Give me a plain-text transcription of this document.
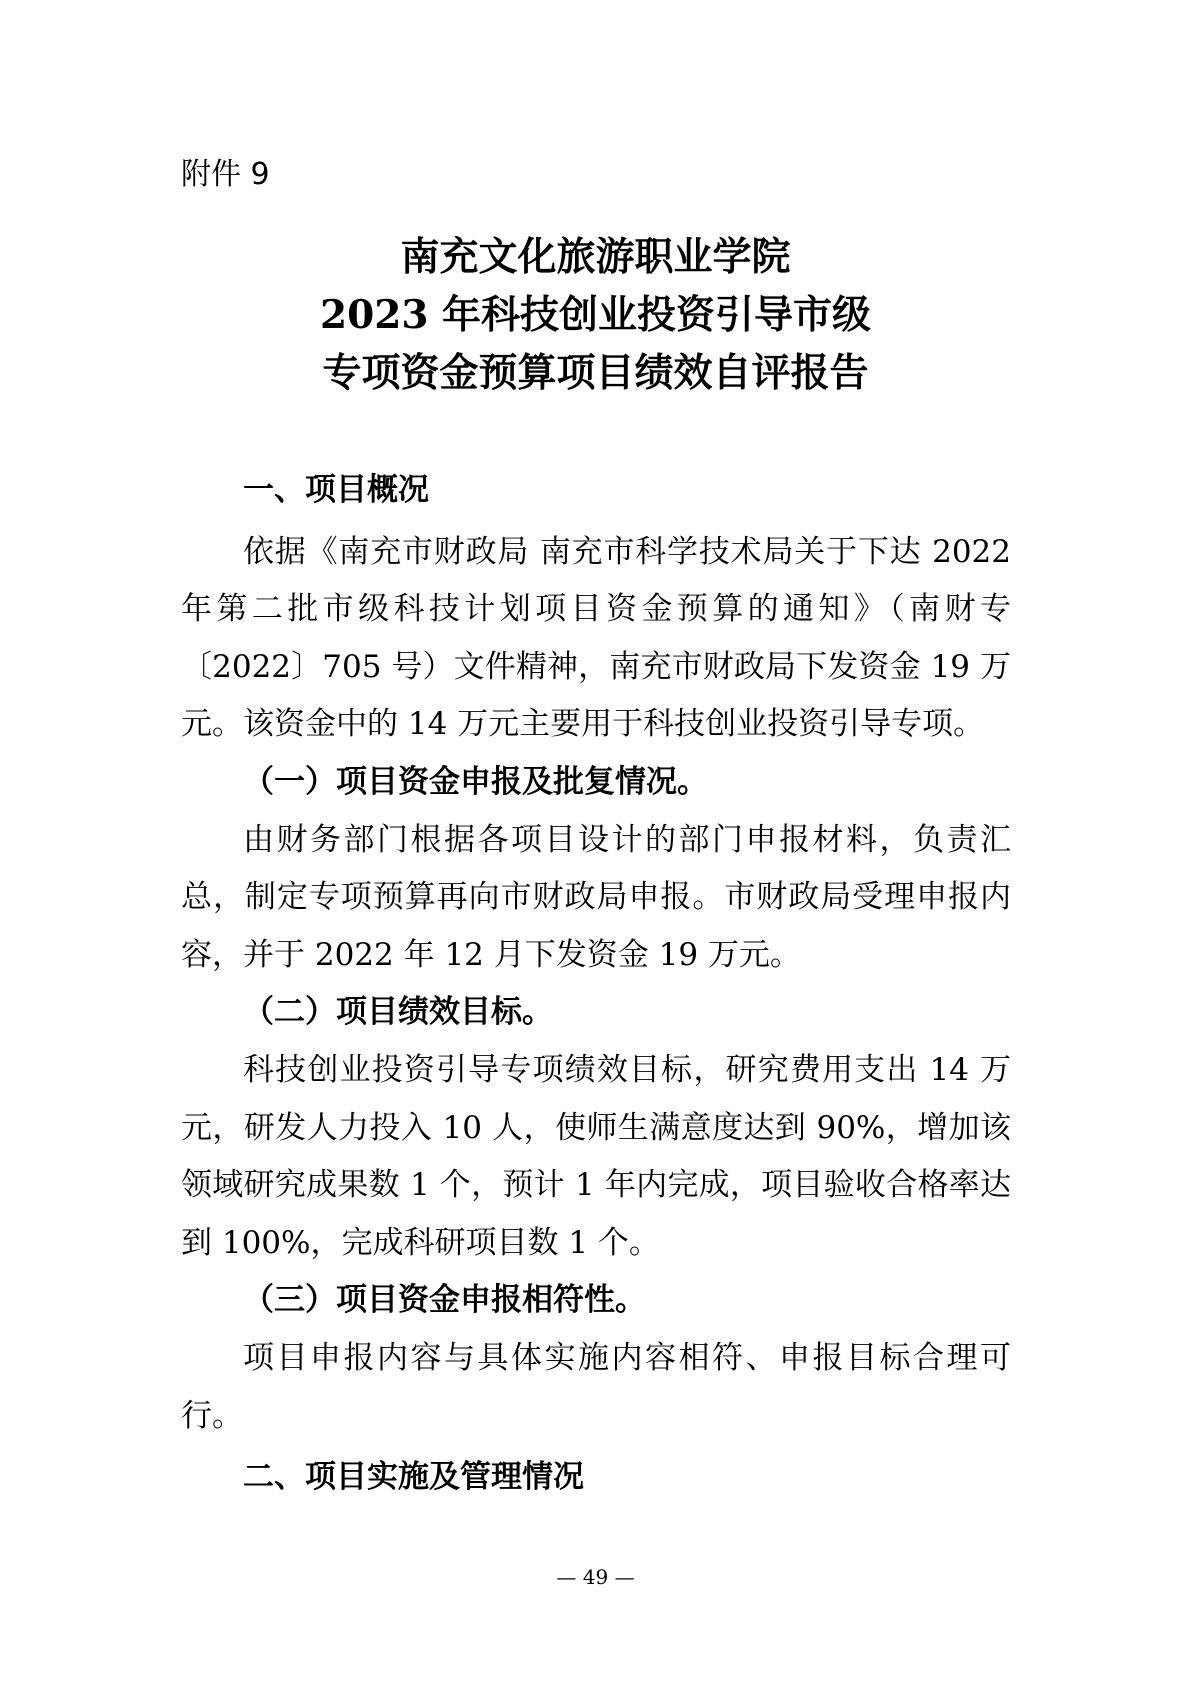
附件 9
南充文化旅游职业学院
2023 年科技创业投资引导市级
专项资金预算项目绩效自评报告

一、项目概况

依据《南充市财政局 南充市科学技术局关于下达 2022 年第二批市级科技计划项目资金预算的通知》（南财专〔2022〕705 号）文件精神，南充市财政局下发资金 19 万元。该资金中的 14 万元主要用于科技创业投资引导专项。

（一）项目资金申报及批复情况。

由财务部门根据各项目设计的部门申报材料，负责汇总，制定专项预算再向市财政局申报。市财政局受理申报内容，并于 2022 年 12 月下发资金 19 万元。

（二）项目绩效目标。

科技创业投资引导专项绩效目标，研究费用支出 14 万元，研发人力投入 10 人，使师生满意度达到 90%，增加该领域研究成果数 1 个，预计 1 年内完成，项目验收合格率达到 100%，完成科研项目数 1 个。

（三）项目资金申报相符性。

项目申报内容与具体实施内容相符、申报目标合理可行。

二、项目实施及管理情况

— 49 —
